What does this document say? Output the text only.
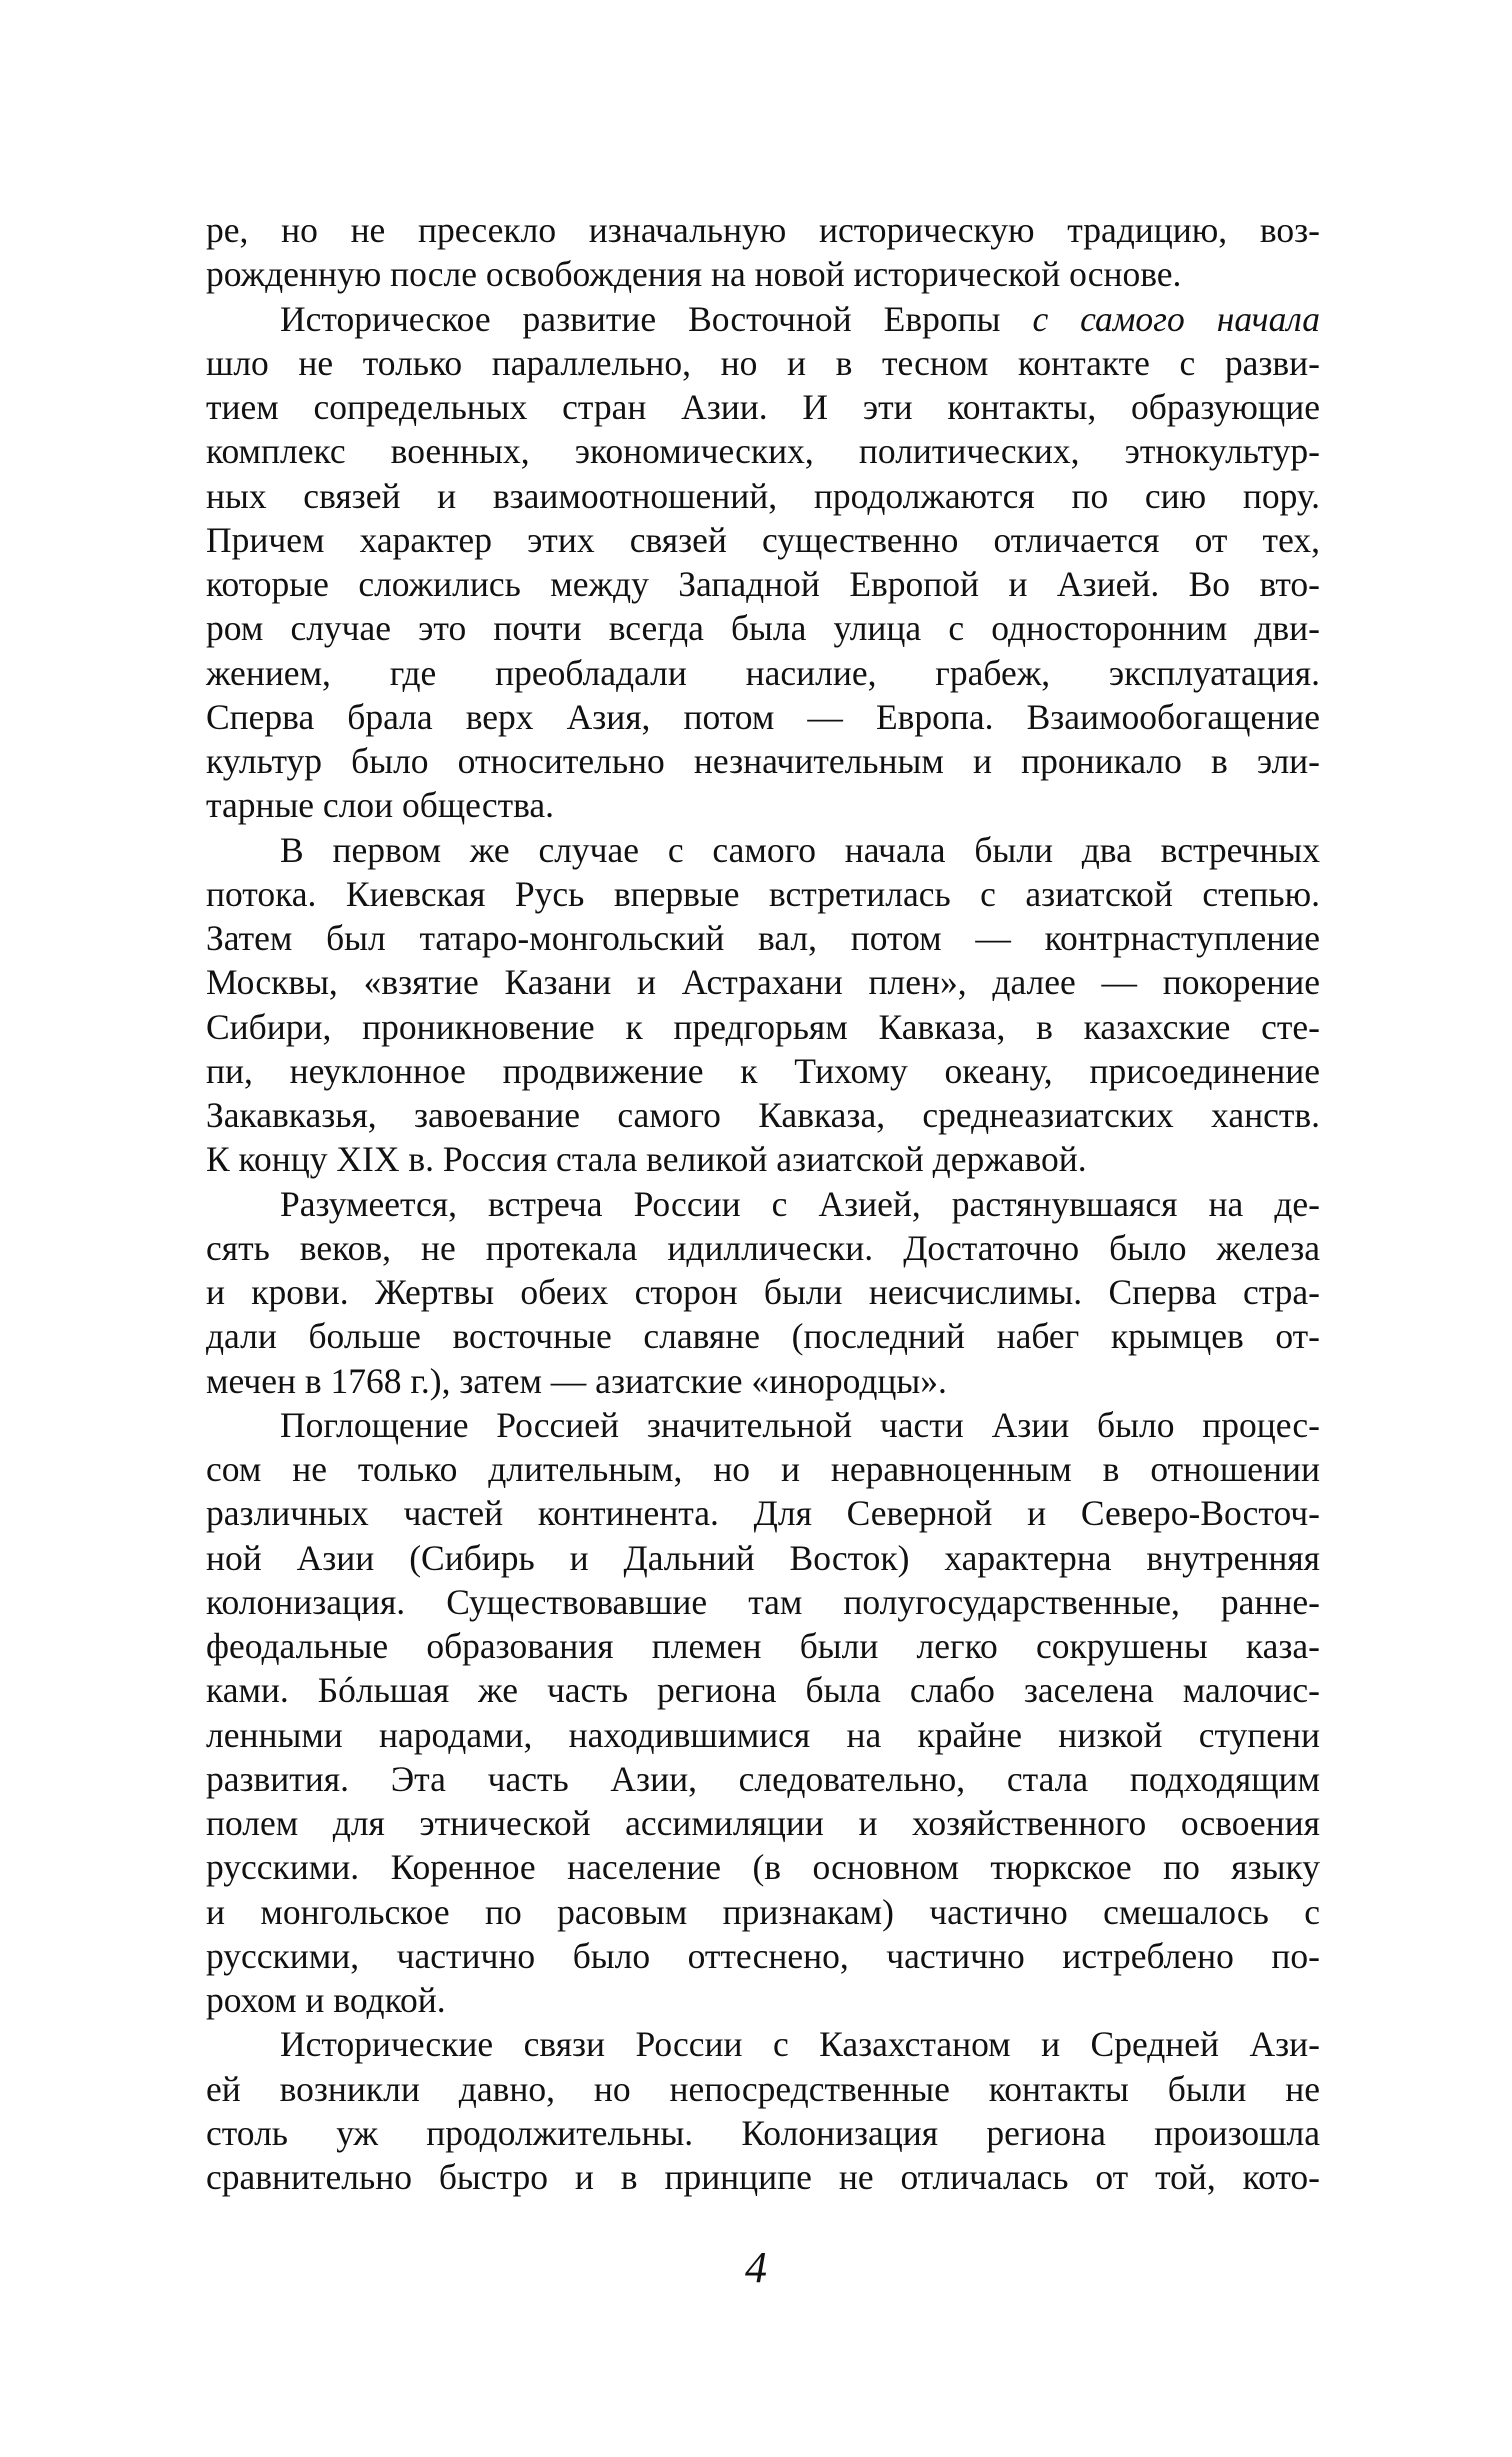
ре, но не пресекло изначальную историческую традицию, воз-
рожденную после освобождения на новой исторической основе.
Историческое развитие Восточной Европы с самого начала
шло не только параллельно, но и в тесном контакте с разви-
тием сопредельных стран Азии. И эти контакты, образующие
комплекс военных, экономических, политических, этнокультур-
ных связей и взаимоотношений, продолжаются по сию пору.
Причем характер этих связей существенно отличается от тех,
которые сложились между Западной Европой и Азией. Во вто-
ром случае это почти всегда была улица с односторонним дви-
жением, где преобладали насилие, грабеж, эксплуатация.
Сперва брала верх Азия, потом — Европа. Взаимообогащение
культур было относительно незначительным и проникало в эли-
тарные слои общества.
В первом же случае с самого начала были два встречных
потока. Киевская Русь впервые встретилась с азиатской степью.
Затем был татаро-монгольский вал, потом — контрнаступление
Москвы, «взятие Казани и Астрахани плен», далее — покорение
Сибири, проникновение к предгорьям Кавказа, в казахские сте-
пи, неуклонное продвижение к Тихому океану, присоединение
Закавказья, завоевание самого Кавказа, среднеазиатских ханств.
К концу XIX в. Россия стала великой азиатской державой.
Разумеется, встреча России с Азией, растянувшаяся на де-
сять веков, не протекала идиллически. Достаточно было железа
и крови. Жертвы обеих сторон были неисчислимы. Сперва стра-
дали больше восточные славяне (последний набег крымцев от-
мечен в 1768 г.), затем — азиатские «инородцы».
Поглощение Россией значительной части Азии было процес-
сом не только длительным, но и неравноценным в отношении
различных частей континента. Для Северной и Северо-Восточ-
ной Азии (Сибирь и Дальний Восток) характерна внутренняя
колонизация. Существовавшие там полугосударственные, ранне-
феодальные образования племен были легко сокрушены каза-
ками. Бóльшая же часть региона была слабо заселена малочис-
ленными народами, находившимися на крайне низкой ступени
развития. Эта часть Азии, следовательно, стала подходящим
полем для этнической ассимиляции и хозяйственного освоения
русскими. Коренное население (в основном тюркское по языку
и монгольское по расовым признакам) частично смешалось с
русскими, частично было оттеснено, частично истреблено по-
рохом и водкой.
Исторические связи России с Казахстаном и Средней Ази-
ей возникли давно, но непосредственные контакты были не
столь уж продолжительны. Колонизация региона произошла
сравнительно быстро и в принципе не отличалась от той, кото-
4
